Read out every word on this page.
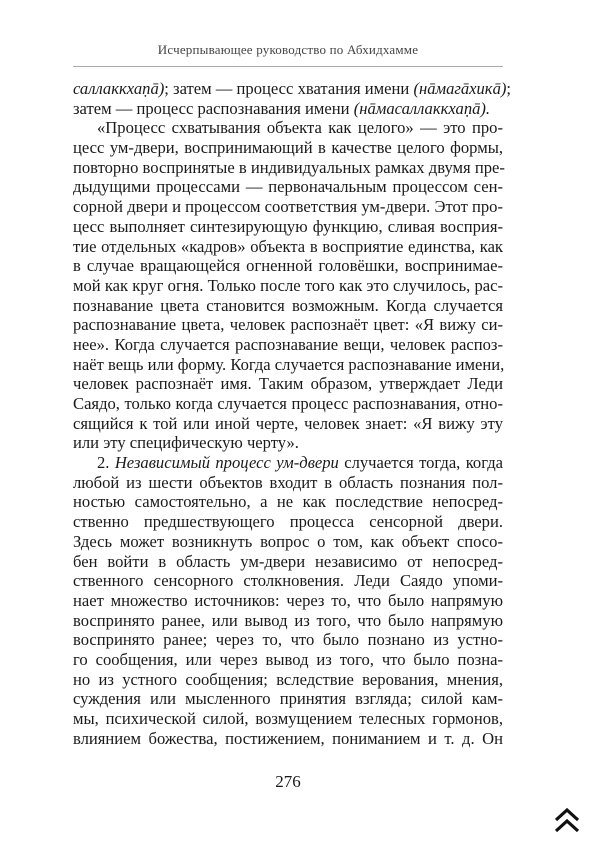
Исчерпывающее руководство по Абхидхамме
саллаккхаṇā); затем — процесс хватания имени (нāмагāхикā);
затем — процесс распознавания имени (нāмасаллаккхаṇā).
«Процесс схватывания объекта как целого» — это про-
цесс ум-двери, воспринимающий в качестве целого формы,
повторно воспринятые в индивидуальных рамках двумя пре-
дыдущими процессами — первоначальным процессом сен-
сорной двери и процессом соответствия ум-двери. Этот про-
цесс выполняет синтезирующую функцию, сливая восприя-
тие отдельных «кадров» объекта в восприятие единства, как
в случае вращающейся огненной головёшки, воспринимае-
мой как круг огня. Только после того как это случилось, рас-
познавание цвета становится возможным. Когда случается
распознавание цвета, человек распознаёт цвет: «Я вижу си-
нее». Когда случается распознавание вещи, человек распоз-
наёт вещь или форму. Когда случается распознавание имени,
человек распознаёт имя. Таким образом, утверждает Леди
Саядо, только когда случается процесс распознавания, отно-
сящийся к той или иной черте, человек знает: «Я вижу эту
или эту специфическую черту».
2. Независимый процесс ум-двери случается тогда, когда
любой из шести объектов входит в область познания пол-
ностью самостоятельно, а не как последствие непосред-
ственно предшествующего процесса сенсорной двери.
Здесь может возникнуть вопрос о том, как объект спосо-
бен войти в область ум-двери независимо от непосред-
ственного сенсорного столкновения. Леди Саядо упоми-
нает множество источников: через то, что было напрямую
воспринято ранее, или вывод из того, что было напрямую
воспринято ранее; через то, что было познано из устно-
го сообщения, или через вывод из того, что было позна-
но из устного сообщения; вследствие верования, мнения,
суждения или мысленного принятия взгляда; силой кам-
мы, психической силой, возмущением телесных гормонов,
влиянием божества, постижением, пониманием и т. д. Он
276
